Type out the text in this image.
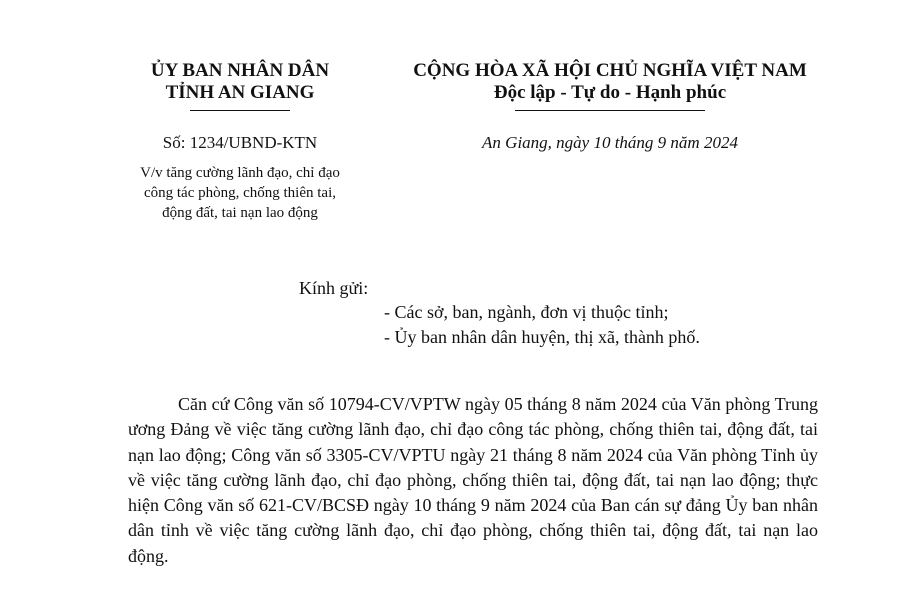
ỦY BAN NHÂN DÂN
TỈNH AN GIANG
CỘNG HÒA XÃ HỘI CHỦ NGHĨA VIỆT NAM
Độc lập - Tự do - Hạnh phúc
Số: 1234/UBND-KTN	An Giang, ngày 10 tháng 9 năm 2024
V/v tăng cường lãnh đạo, chỉ đạo
công tác phòng, chống thiên tai,
động đất, tai nạn lao động
Kính gửi:
- Các sở, ban, ngành, đơn vị thuộc tỉnh;
- Ủy ban nhân dân huyện, thị xã, thành phố.

Căn cứ Công văn số 10794-CV/VPTW ngày 05 tháng 8 năm 2024 của Văn phòng Trung ương Đảng về việc tăng cường lãnh đạo, chỉ đạo công tác phòng, chống thiên tai, động đất, tai nạn lao động; Công văn số 3305-CV/VPTU ngày 21 tháng 8 năm 2024 của Văn phòng Tỉnh ủy về việc tăng cường lãnh đạo, chỉ đạo phòng, chống thiên tai, động đất, tai nạn lao động; thực hiện Công văn số 621-CV/BCSĐ ngày 10 tháng 9 năm 2024 của Ban cán sự đảng Ủy ban nhân dân tỉnh về việc tăng cường lãnh đạo, chỉ đạo phòng, chống thiên tai, động đất, tai nạn lao động.
